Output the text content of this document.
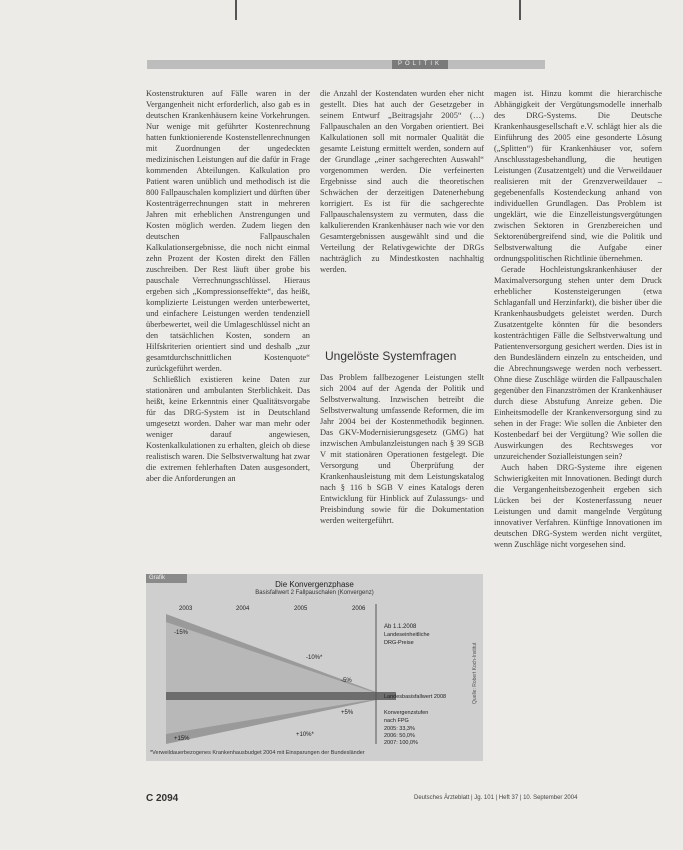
POLITIK

Kostenstrukturen auf Fälle waren in der Vergangenheit nicht erforderlich, also gab es in deutschen Krankenhäusern keine Vorkehrungen. Nur wenige mit geführter Kostenrechnung hatten funktionierende Kostenstellenrechnungen mit Zuordnungen der ungedeckten medizinischen Leistungen auf die dafür in Frage kommenden Abteilungen. Kalkulation pro Patient waren unüblich und methodisch ist die 800 Fallpauschalen kompliziert und dürften über Kostenträgerrechnungen statt in mehreren Jahren mit erheblichen Anstrengungen und Kosten möglich werden. Zudem liegen den deutschen Fallpauschalen Kalkulationsergebnisse, die noch nicht einmal zehn Prozent der Kosten direkt den Fällen zuschreiben. Der Rest läuft über grobe bis pauschale Verrechnungsschlüssel. Hieraus ergeben sich „Kompressionseffekte“, das heißt, komplizierte Leistungen werden unterbewertet, und einfachere Leistungen werden tendenziell überbewertet, weil die Umlageschlüssel nicht an den tatsächlichen Kosten, sondern an Hilfskriterien orientiert sind und deshalb „zur gesamtdurchschnittlichen Kostenquote“ zurückgeführt werden.

Schließlich existieren keine Daten zur stationären und ambulanten Sterblichkeit. Das heißt, keine Erkenntnis einer Qualitätsvorgabe für das DRG-System ist in Deutschland umgesetzt worden. Daher war man mehr oder weniger darauf angewiesen, Kostenkalkulationen zu erhalten, gleich ob diese realistisch waren. Die Selbstverwaltung hat zwar die extremen fehlerhaften Daten ausgesondert, aber die Anforderungen an

die Anzahl der Kostendaten wurden eher nicht gestellt. Dies hat auch der Gesetzgeber in seinem Entwurf „Beitragsjahr 2005“ (…) Fallpauschalen an den Vorgaben orientiert. Bei Kalkulationen soll mit normaler Qualität die gesamte Leistung ermittelt werden, sondern auf der Grundlage „einer sachgerechten Auswahl“ vorgenommen werden. Die verfeinerten Ergebnisse sind auch die theoretischen Schwächen der derzeitigen Datenerhebung korrigiert. Es ist für die sachgerechte Fallpauschalensystem zu vermuten, dass die kalkulierenden Krankenhäuser nach wie vor den Gesamtergebnissen ausgewählt sind und die Verteilung der Relativgewichte der DRGs nachträglich zu Mindestkosten nachhaltig werden.

Ungelöste Systemfragen

Das Problem fallbezogener Leistungen stellt sich 2004 auf der Agenda der Politik und Selbstverwaltung. Inzwischen betreibt die Selbstverwaltung umfassende Reformen, die im Jahr 2004 bei der Kostenmethodik beginnen. Das GKV-Modernisierungsgesetz (GMG) hat inzwischen Ambulanzleistungen nach § 39 SGB V mit stationären Operationen festgelegt. Die Versorgung und Überprüfung der Krankenhausleistung mit dem Leistungskatalog nach § 116 b SGB V eines Katalogs deren Entwicklung für Hinblick auf Zulassungs- und Preisbindung sowie für die Dokumentation werden weitergeführt.

magen ist. Hinzu kommt die hierarchische Abhängigkeit der Vergütungsmodelle innerhalb des DRG-Systems. Die Deutsche Krankenhausgesellschaft e.V. schlägt hier als die Einführung des 2005 eine gesonderte Lösung („Splitten“) für Krankenhäuser vor, sofern Anschlusstagesbehandlung, die heutigen Leistungen (Zusatzentgelt) und die Verweildauer realisieren mit der Grenzverweildauer – gegebenenfalls Kostendeckung anhand von individuellen Grundlagen. Das Problem ist ungeklärt, wie die Einzelleistungsvergütungen zwischen Sektoren in Grenzbereichen und Sektorenübergreifend sind, wie die Politik und Selbstverwaltung die Aufgabe einer ordnungspolitischen Richtlinie übernehmen.

Gerade Hochleistungskrankenhäuser der Maximalversorgung stehen unter dem Druck erheblicher Kostensteigerungen (etwa Schlaganfall und Herzinfarkt), die bisher über die Krankenhausbudgets geleistet werden. Durch Zusatzentgelte könnten für die besonders kostenträchtigen Fälle die Selbstverwaltung und Patientenversorgung gesichert werden. Dies ist in den Bundesländern einzeln zu entscheiden, und die Abrechnungswege werden noch verbessert. Ohne diese Zuschläge würden die Fallpauschalen gegenüber den Finanzströmen der Krankenhäuser durch diese Abstufung Anreize geben. Die Einheitsmodelle der Krankenversorgung sind zu sehen in der Frage: Wie sollen die Anbieter den Kostenbedarf bei der Vergütung? Wie sollen die Auswirkungen des Rechtsweges vor unzureichender Sozialleistungen sein?

Auch haben DRG-Systeme ihre eigenen Schwierigkeiten mit Innovationen. Bedingt durch die Vergangenheitsbezogenheit ergeben sich Lücken bei der Kostenerfassung neuer Leistungen und damit mangelnde Vergütung innovativer Verfahren. Künftige Innovationen im deutschen DRG-System werden nicht vergütet, wenn Zuschläge nicht vorgesehen sind.

Grafik
Die Konvergenzphase
Basisfallwert 2 Fallpauschalen (Konvergenz)
2003	2004	2005	2006
-15%
-10%*
-5%
+5%
+10%*
+15%
Ab 1.1.2008
Landeseinheitliche
DRG-Preise
Landesbasisfallwert 2008
Konvergenzstufen
nach FPG
2005: 33,3%
2006: 50,0%
2007: 100,0%
*Verweildauerbezogenes Krankenhausbudget 2004 mit Einsparungen der Bundesländer
Quelle: Robert Koch-Institut
C 2094	Deutsches Ärzteblatt | Jg. 101 | Heft 37 | 10. September 2004
